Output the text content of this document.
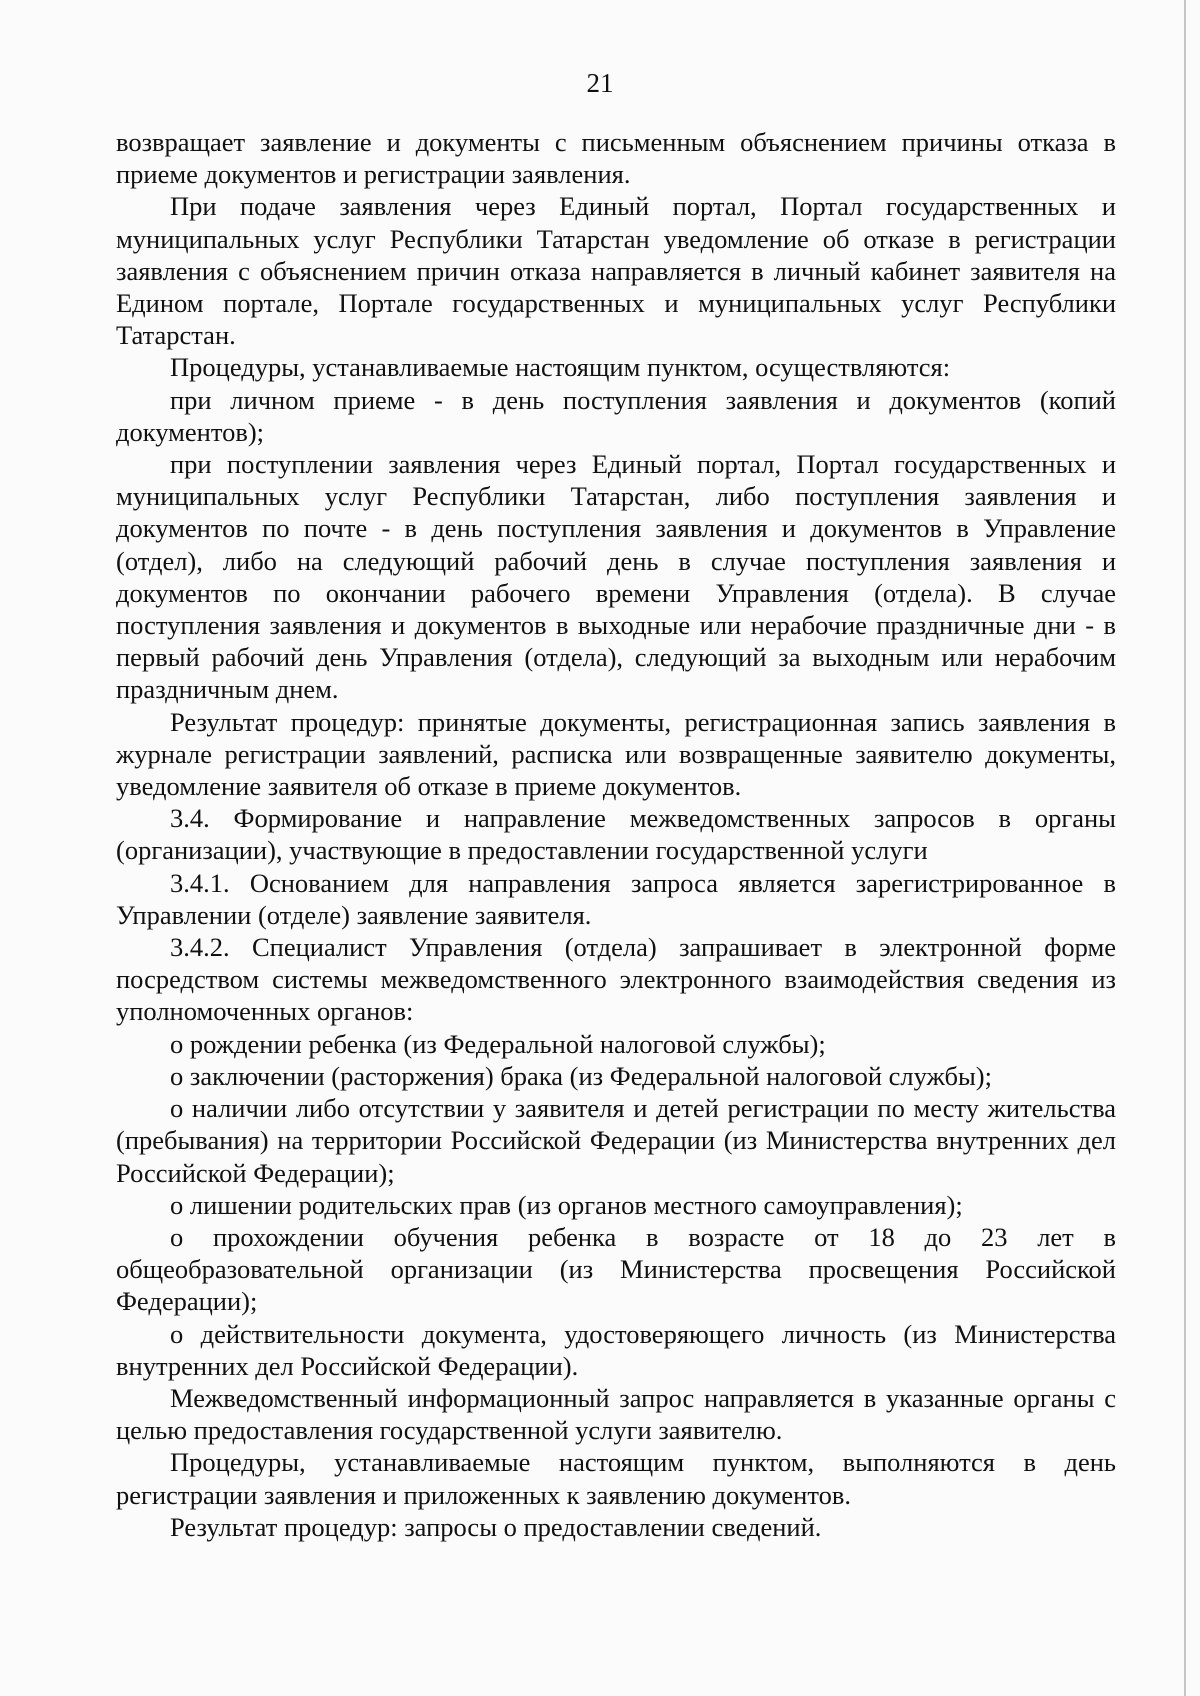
21

возвращает заявление и документы с письменным объяснением причины отказа в приеме документов и регистрации заявления.

При подаче заявления через Единый портал, Портал государственных и муниципальных услуг Республики Татарстан уведомление об отказе в регистрации заявления с объяснением причин отказа направляется в личный кабинет заявителя на Едином портале, Портале государственных и муниципальных услуг Республики Татарстан.

Процедуры, устанавливаемые настоящим пунктом, осуществляются:

при личном приеме - в день поступления заявления и документов (копий документов);

при поступлении заявления через Единый портал, Портал государственных и муниципальных услуг Республики Татарстан, либо поступления заявления и документов по почте - в день поступления заявления и документов в Управление (отдел), либо на следующий рабочий день в случае поступления заявления и документов по окончании рабочего времени Управления (отдела). В случае поступления заявления и документов в выходные или нерабочие праздничные дни - в первый рабочий день Управления (отдела), следующий за выходным или нерабочим праздничным днем.

Результат процедур: принятые документы, регистрационная запись заявления в журнале регистрации заявлений, расписка или возвращенные заявителю документы, уведомление заявителя об отказе в приеме документов.

3.4. Формирование и направление межведомственных запросов в органы (организации), участвующие в предоставлении государственной услуги

3.4.1. Основанием для направления запроса является зарегистрированное в Управлении (отделе) заявление заявителя.

3.4.2. Специалист Управления (отдела) запрашивает в электронной форме посредством системы межведомственного электронного взаимодействия сведения из уполномоченных органов:

о рождении ребенка (из Федеральной налоговой службы);

о заключении (расторжения) брака (из Федеральной налоговой службы);

о наличии либо отсутствии у заявителя и детей регистрации по месту жительства (пребывания) на территории Российской Федерации (из Министерства внутренних дел Российской Федерации);

о лишении родительских прав (из органов местного самоуправления);

о прохождении обучения ребенка в возрасте от 18 до 23 лет в общеобразовательной организации (из Министерства просвещения Российской Федерации);

о действительности документа, удостоверяющего личность (из Министерства внутренних дел Российской Федерации).

Межведомственный информационный запрос направляется в указанные органы с целью предоставления государственной услуги заявителю.

Процедуры, устанавливаемые настоящим пунктом, выполняются в день регистрации заявления и приложенных к заявлению документов.

Результат процедур: запросы о предоставлении сведений.
